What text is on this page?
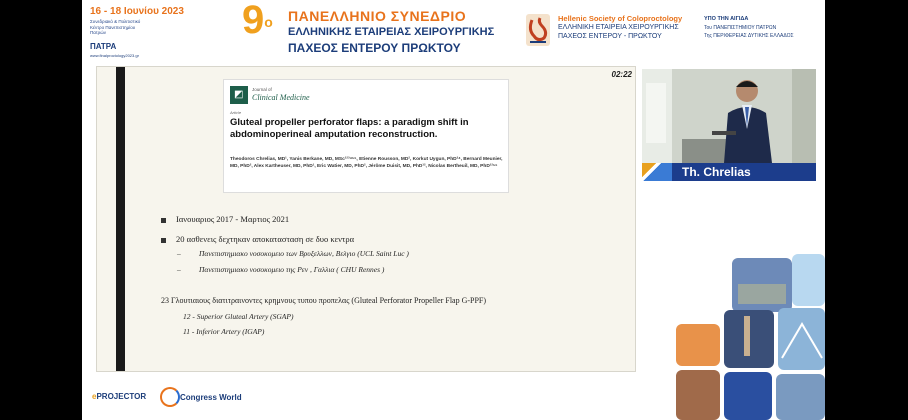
16 - 18 Ιουνίου 2023
Συνεδριακό & Πολιτιστικό Κέντρο Πανεπιστημίου Πατρών
ΠΑΤΡΑ
www.finalproctology2023.gr
$9^o$ ΠΑΝΕΛΛΗΝΙΟ ΣΥΝΕΔΡΙΟ
ΕΛΛΗΝΙΚΗΣ ΕΤΑΙΡΕΙΑΣ ΧΕΙΡΟΥΡΓΙΚΗΣ
ΠΑΧΕΟΣ ΕΝΤΕΡΟΥ ΠΡΩΚΤΟΥ
Hellenic Society of Coloproctology
ΕΛΛΗΝΙΚΗ ΕΤΑΙΡΕΙΑ ΧΕΙΡΟΥΡΓΙΚΗΣ
ΠΑΧΕΟΣ ΕΝΤΕΡΟΥ - ΠΡΩΚΤΟΥ
ΥΠΟ ΤΗΝ ΑΙΓΙΔΑ
Του ΠΑΝΕΠΙΣΤΗΜΙΟΥ ΠΑΤΡΩΝ
Της ΠΕΡΙΦΕΡΕΙΑΣ ΔΥΤΙΚΗΣ ΕΛΛΑΔΟΣ
02:22
◩ Journal of
Clinical Medicine
Article
Gluteal propeller perforator flaps: a paradigm shift in abdominoperineal amputation reconstruction.
Theodoros Chrelias, MD¹, Yanis Berkane, MD, MSc¹²³⁴⁵⁶, Etienne Rousson, MD², Korkut Uygun, PhD³⁴, Bernard Meunier, MD, PhD², Alex Kartheuser, MD, PhD¹, Eric Watier, MD, PhD², Jérôme Duisit, MD, PhD¹², Nicolas Bertheuil, MD, PhD¹²⁵⁶
Ιανουαριος 2017 - Μαρτιος 2021
20 ασθενεις δεχτηκαν αποκατασταση σε δυο κεντρα
– Πανεπιστημιακο νοσοκομειο των Βρυξελλων, Βελγιο (UCL Saint Luc )
– Πανεπιστημιακο νοσοκομειο της Ρεν , Γαλλια ( CHU Rennes )
23 Γλουτιαιους διατιτραινοντες κρημνους τυπου προπελας (Gluteal Perforator Propeller Flap G-PPF)
12 - Superior Gluteal Artery (SGAP)
11 - Inferior Artery (IGAP)
Th. Chrelias
ePROJECTOR	Congress World
